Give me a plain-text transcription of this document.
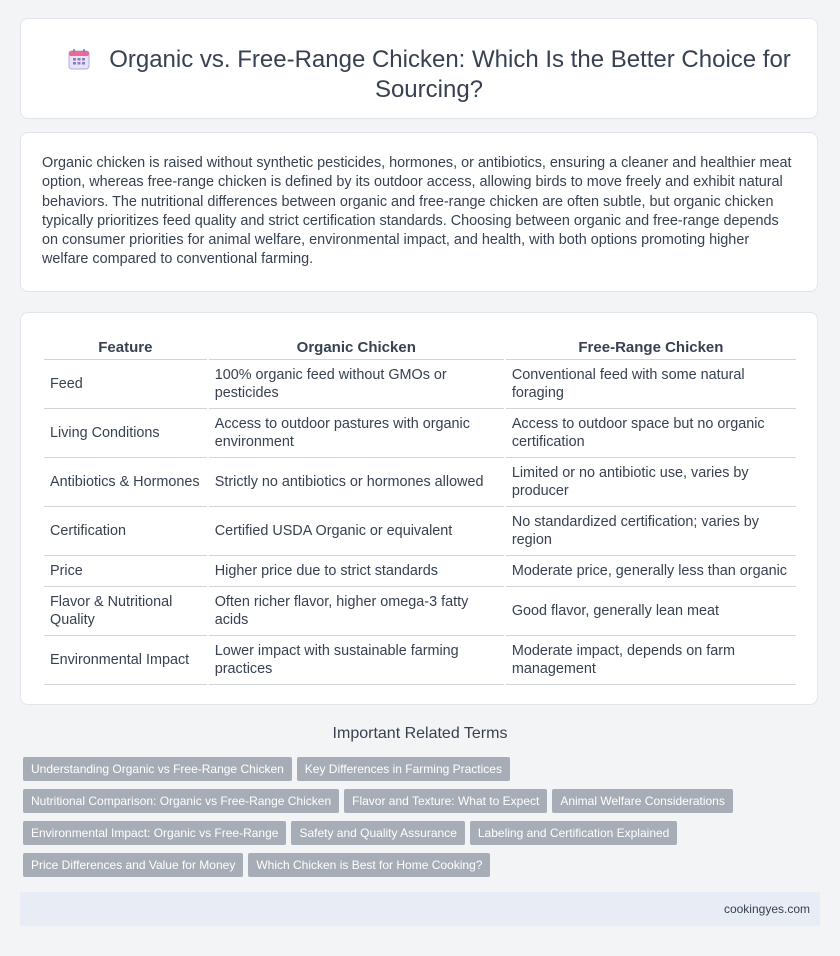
Organic vs. Free-Range Chicken: Which Is the Better Choice for Sourcing?

Organic chicken is raised without synthetic pesticides, hormones, or antibiotics, ensuring a cleaner and healthier meat option, whereas free-range chicken is defined by its outdoor access, allowing birds to move freely and exhibit natural behaviors. The nutritional differences between organic and free-range chicken are often subtle, but organic chicken typically prioritizes feed quality and strict certification standards. Choosing between organic and free-range depends on consumer priorities for animal welfare, environmental impact, and health, with both options promoting higher welfare compared to conventional farming.

Feature	Organic Chicken	Free-Range Chicken
Feed	100% organic feed without GMOs or pesticides	Conventional feed with some natural foraging
Living Conditions	Access to outdoor pastures with organic environment	Access to outdoor space but no organic certification
Antibiotics & Hormones	Strictly no antibiotics or hormones allowed	Limited or no antibiotic use, varies by producer
Certification	Certified USDA Organic or equivalent	No standardized certification; varies by region
Price	Higher price due to strict standards	Moderate price, generally less than organic
Flavor & Nutritional Quality	Often richer flavor, higher omega-3 fatty acids	Good flavor, generally lean meat
Environmental Impact	Lower impact with sustainable farming practices	Moderate impact, depends on farm management
Important Related Terms
Understanding Organic vs Free-Range Chicken Key Differences in Farming Practices
Nutritional Comparison: Organic vs Free-Range Chicken Flavor and Texture: What to Expect Animal Welfare Considerations
Environmental Impact: Organic vs Free-Range Safety and Quality Assurance Labeling and Certification Explained
Price Differences and Value for Money Which Chicken is Best for Home Cooking?
cookingyes.com
